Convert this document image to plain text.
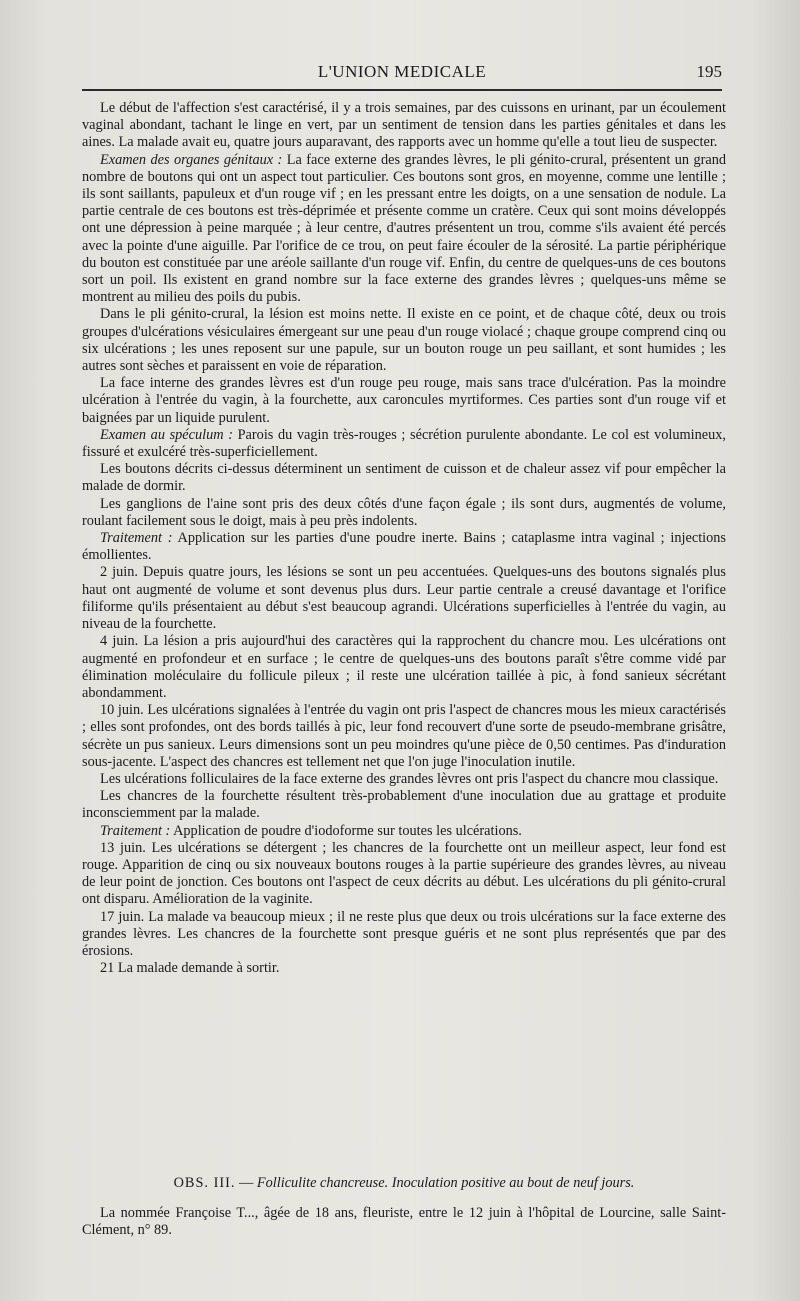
L'UNION MEDICALE	195

Le début de l'affection s'est caractérisé, il y a trois semaines, par des cuissons en urinant, par un écoulement vaginal abondant, tachant le linge en vert, par un sentiment de tension dans les parties génitales et dans les aines. La malade avait eu, quatre jours auparavant, des rapports avec un homme qu'elle a tout lieu de suspecter.

Examen des organes génitaux : La face externe des grandes lèvres, le pli génito-crural, présentent un grand nombre de boutons qui ont un aspect tout particulier. Ces boutons sont gros, en moyenne, comme une lentille ; ils sont saillants, papuleux et d'un rouge vif ; en les pressant entre les doigts, on a une sensation de nodule. La partie centrale de ces boutons est très-déprimée et présente comme un cratère. Ceux qui sont moins développés ont une dépression à peine marquée ; à leur centre, d'autres présentent un trou, comme s'ils avaient été percés avec la pointe d'une aiguille. Par l'orifice de ce trou, on peut faire écouler de la sérosité. La partie périphérique du bouton est constituée par une aréole saillante d'un rouge vif. Enfin, du centre de quelques-uns de ces boutons sort un poil. Ils existent en grand nombre sur la face externe des grandes lèvres ; quelques-uns même se montrent au milieu des poils du pubis.

Dans le pli génito-crural, la lésion est moins nette. Il existe en ce point, et de chaque côté, deux ou trois groupes d'ulcérations vésiculaires émergeant sur une peau d'un rouge violacé ; chaque groupe comprend cinq ou six ulcérations ; les unes reposent sur une papule, sur un bouton rouge un peu saillant, et sont humides ; les autres sont sèches et paraissent en voie de réparation.

La face interne des grandes lèvres est d'un rouge peu rouge, mais sans trace d'ulcération. Pas la moindre ulcération à l'entrée du vagin, à la fourchette, aux caroncules myrtiformes. Ces parties sont d'un rouge vif et baignées par un liquide purulent.

Examen au spéculum : Parois du vagin très-rouges ; sécrétion purulente abondante. Le col est volumineux, fissuré et exulcéré très-superficiellement.

Les boutons décrits ci-dessus déterminent un sentiment de cuisson et de chaleur assez vif pour empêcher la malade de dormir.

Les ganglions de l'aine sont pris des deux côtés d'une façon égale ; ils sont durs, augmentés de volume, roulant facilement sous le doigt, mais à peu près indolents.

Traitement : Application sur les parties d'une poudre inerte. Bains ; cataplasme intra vaginal ; injections émollientes.

2 juin. Depuis quatre jours, les lésions se sont un peu accentuées. Quelques-uns des boutons signalés plus haut ont augmenté de volume et sont devenus plus durs. Leur partie centrale a creusé davantage et l'orifice filiforme qu'ils présentaient au début s'est beaucoup agrandi. Ulcérations superficielles à l'entrée du vagin, au niveau de la fourchette.

4 juin. La lésion a pris aujourd'hui des caractères qui la rapprochent du chancre mou. Les ulcérations ont augmenté en profondeur et en surface ; le centre de quelques-uns des boutons paraît s'être comme vidé par élimination moléculaire du follicule pileux ; il reste une ulcération taillée à pic, à fond sanieux sécrétant abondamment.

10 juin. Les ulcérations signalées à l'entrée du vagin ont pris l'aspect de chancres mous les mieux caractérisés ; elles sont profondes, ont des bords taillés à pic, leur fond recouvert d'une sorte de pseudo-membrane grisâtre, sécrète un pus sanieux. Leurs dimensions sont un peu moindres qu'une pièce de 0,50 centimes. Pas d'induration sous-jacente. L'aspect des chancres est tellement net que l'on juge l'inoculation inutile.

Les ulcérations folliculaires de la face externe des grandes lèvres ont pris l'aspect du chancre mou classique.

Les chancres de la fourchette résultent très-probablement d'une inoculation due au grattage et produite inconsciemment par la malade.

Traitement : Application de poudre d'iodoforme sur toutes les ulcérations.

13 juin. Les ulcérations se détergent ; les chancres de la fourchette ont un meilleur aspect, leur fond est rouge. Apparition de cinq ou six nouveaux boutons rouges à la partie supérieure des grandes lèvres, au niveau de leur point de jonction. Ces boutons ont l'aspect de ceux décrits au début. Les ulcérations du pli génito-crural ont disparu. Amélioration de la vaginite.

17 juin. La malade va beaucoup mieux ; il ne reste plus que deux ou trois ulcérations sur la face externe des grandes lèvres. Les chancres de la fourchette sont presque guéris et ne sont plus représentés que par des érosions.

21 La malade demande à sortir.

OBS. III. — Folliculite chancreuse. Inoculation positive au bout de neuf jours.

La nommée Françoise T..., âgée de 18 ans, fleuriste, entre le 12 juin à l'hôpital de Lourcine, salle Saint-Clément, n° 89.
